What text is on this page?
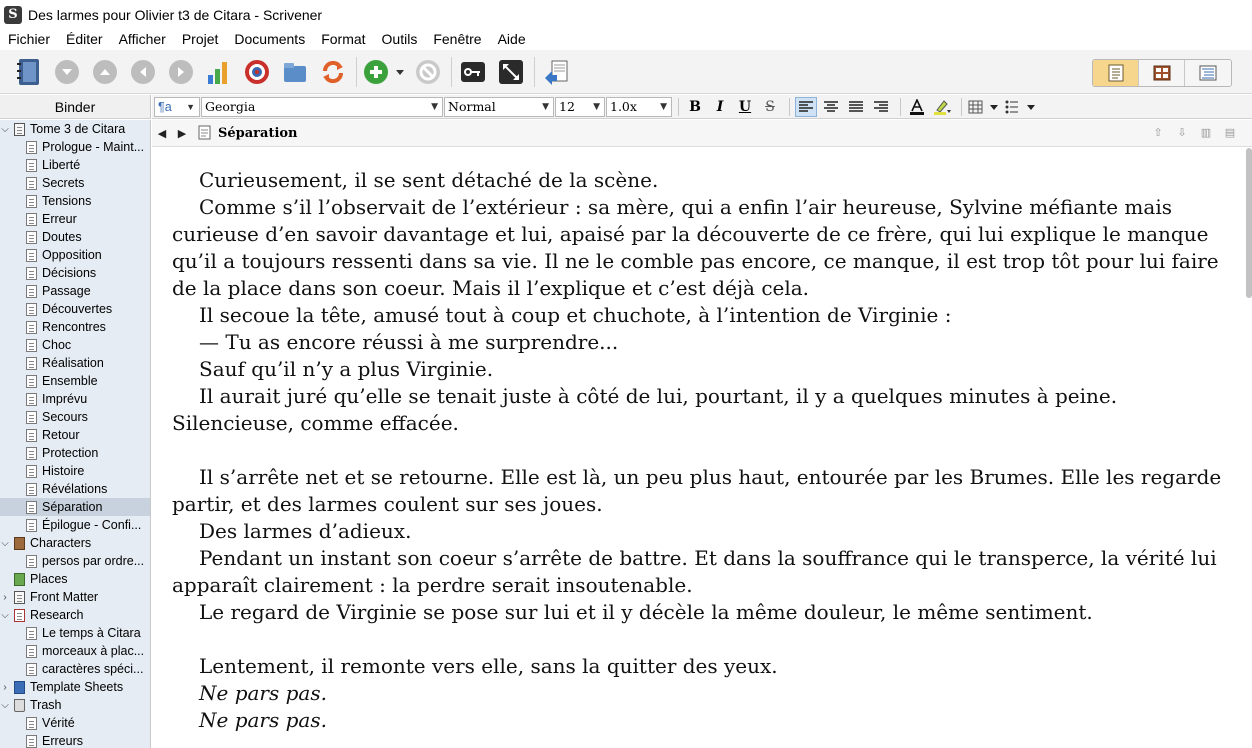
S Des larmes pour Olivier t3 de Citara - Scrivener
Fichier Éditer Afficher Projet Documents Format Outils Fenêtre Aide
Binder
⌵ Tome 3 de Citara
Prologue - Maint...
Liberté
Secrets
Tensions
Erreur
Doutes
Opposition
Décisions
Passage
Découvertes
Rencontres
Choc
Réalisation
Ensemble
Imprévu
Secours
Retour
Protection
Histoire
Révélations
Séparation
Épilogue - Confi...
⌵ Characters
persos par ordre...
Places
› Front Matter
⌵ Research
Le temps à Citara
morceaux à plac...
caractères spéci...
› Template Sheets
⌵ Trash
Vérité
Erreurs
¶a ▼ Georgia	▼ Normal	▼ 12 ▼ 1.0x	▼	B	I	U	S
◀	▶	Séparation	⇧	⇩	▥	▤

Curieusement, il se sent détaché de la scène.

Comme s’il l’observait de l’extérieur : sa mère, qui a enfin l’air heureuse, Sylvine méfiante mais curieuse d’en savoir davantage et lui, apaisé par la découverte de ce frère, qui lui explique le manque qu’il a toujours ressenti dans sa vie. Il ne le comble pas encore, ce manque, il est trop tôt pour lui faire de la place dans son coeur. Mais il l’explique et c’est déjà cela.

Il secoue la tête, amusé tout à coup et chuchote, à l’intention de Virginie :

— Tu as encore réussi à me surprendre...

Sauf qu’il n’y a plus Virginie.

Il aurait juré qu’elle se tenait juste à côté de lui, pourtant, il y a quelques minutes à peine. Silencieuse, comme effacée.

Il s’arrête net et se retourne. Elle est là, un peu plus haut, entourée par les Brumes. Elle les regarde partir, et des larmes coulent sur ses joues.

Des larmes d’adieux.

Pendant un instant son coeur s’arrête de battre. Et dans la souffrance qui le transperce, la vérité lui apparaît clairement : la perdre serait insoutenable.

Le regard de Virginie se pose sur lui et il y décèle la même douleur, le même sentiment.

Lentement, il remonte vers elle, sans la quitter des yeux.

Ne pars pas.

Ne pars pas.
